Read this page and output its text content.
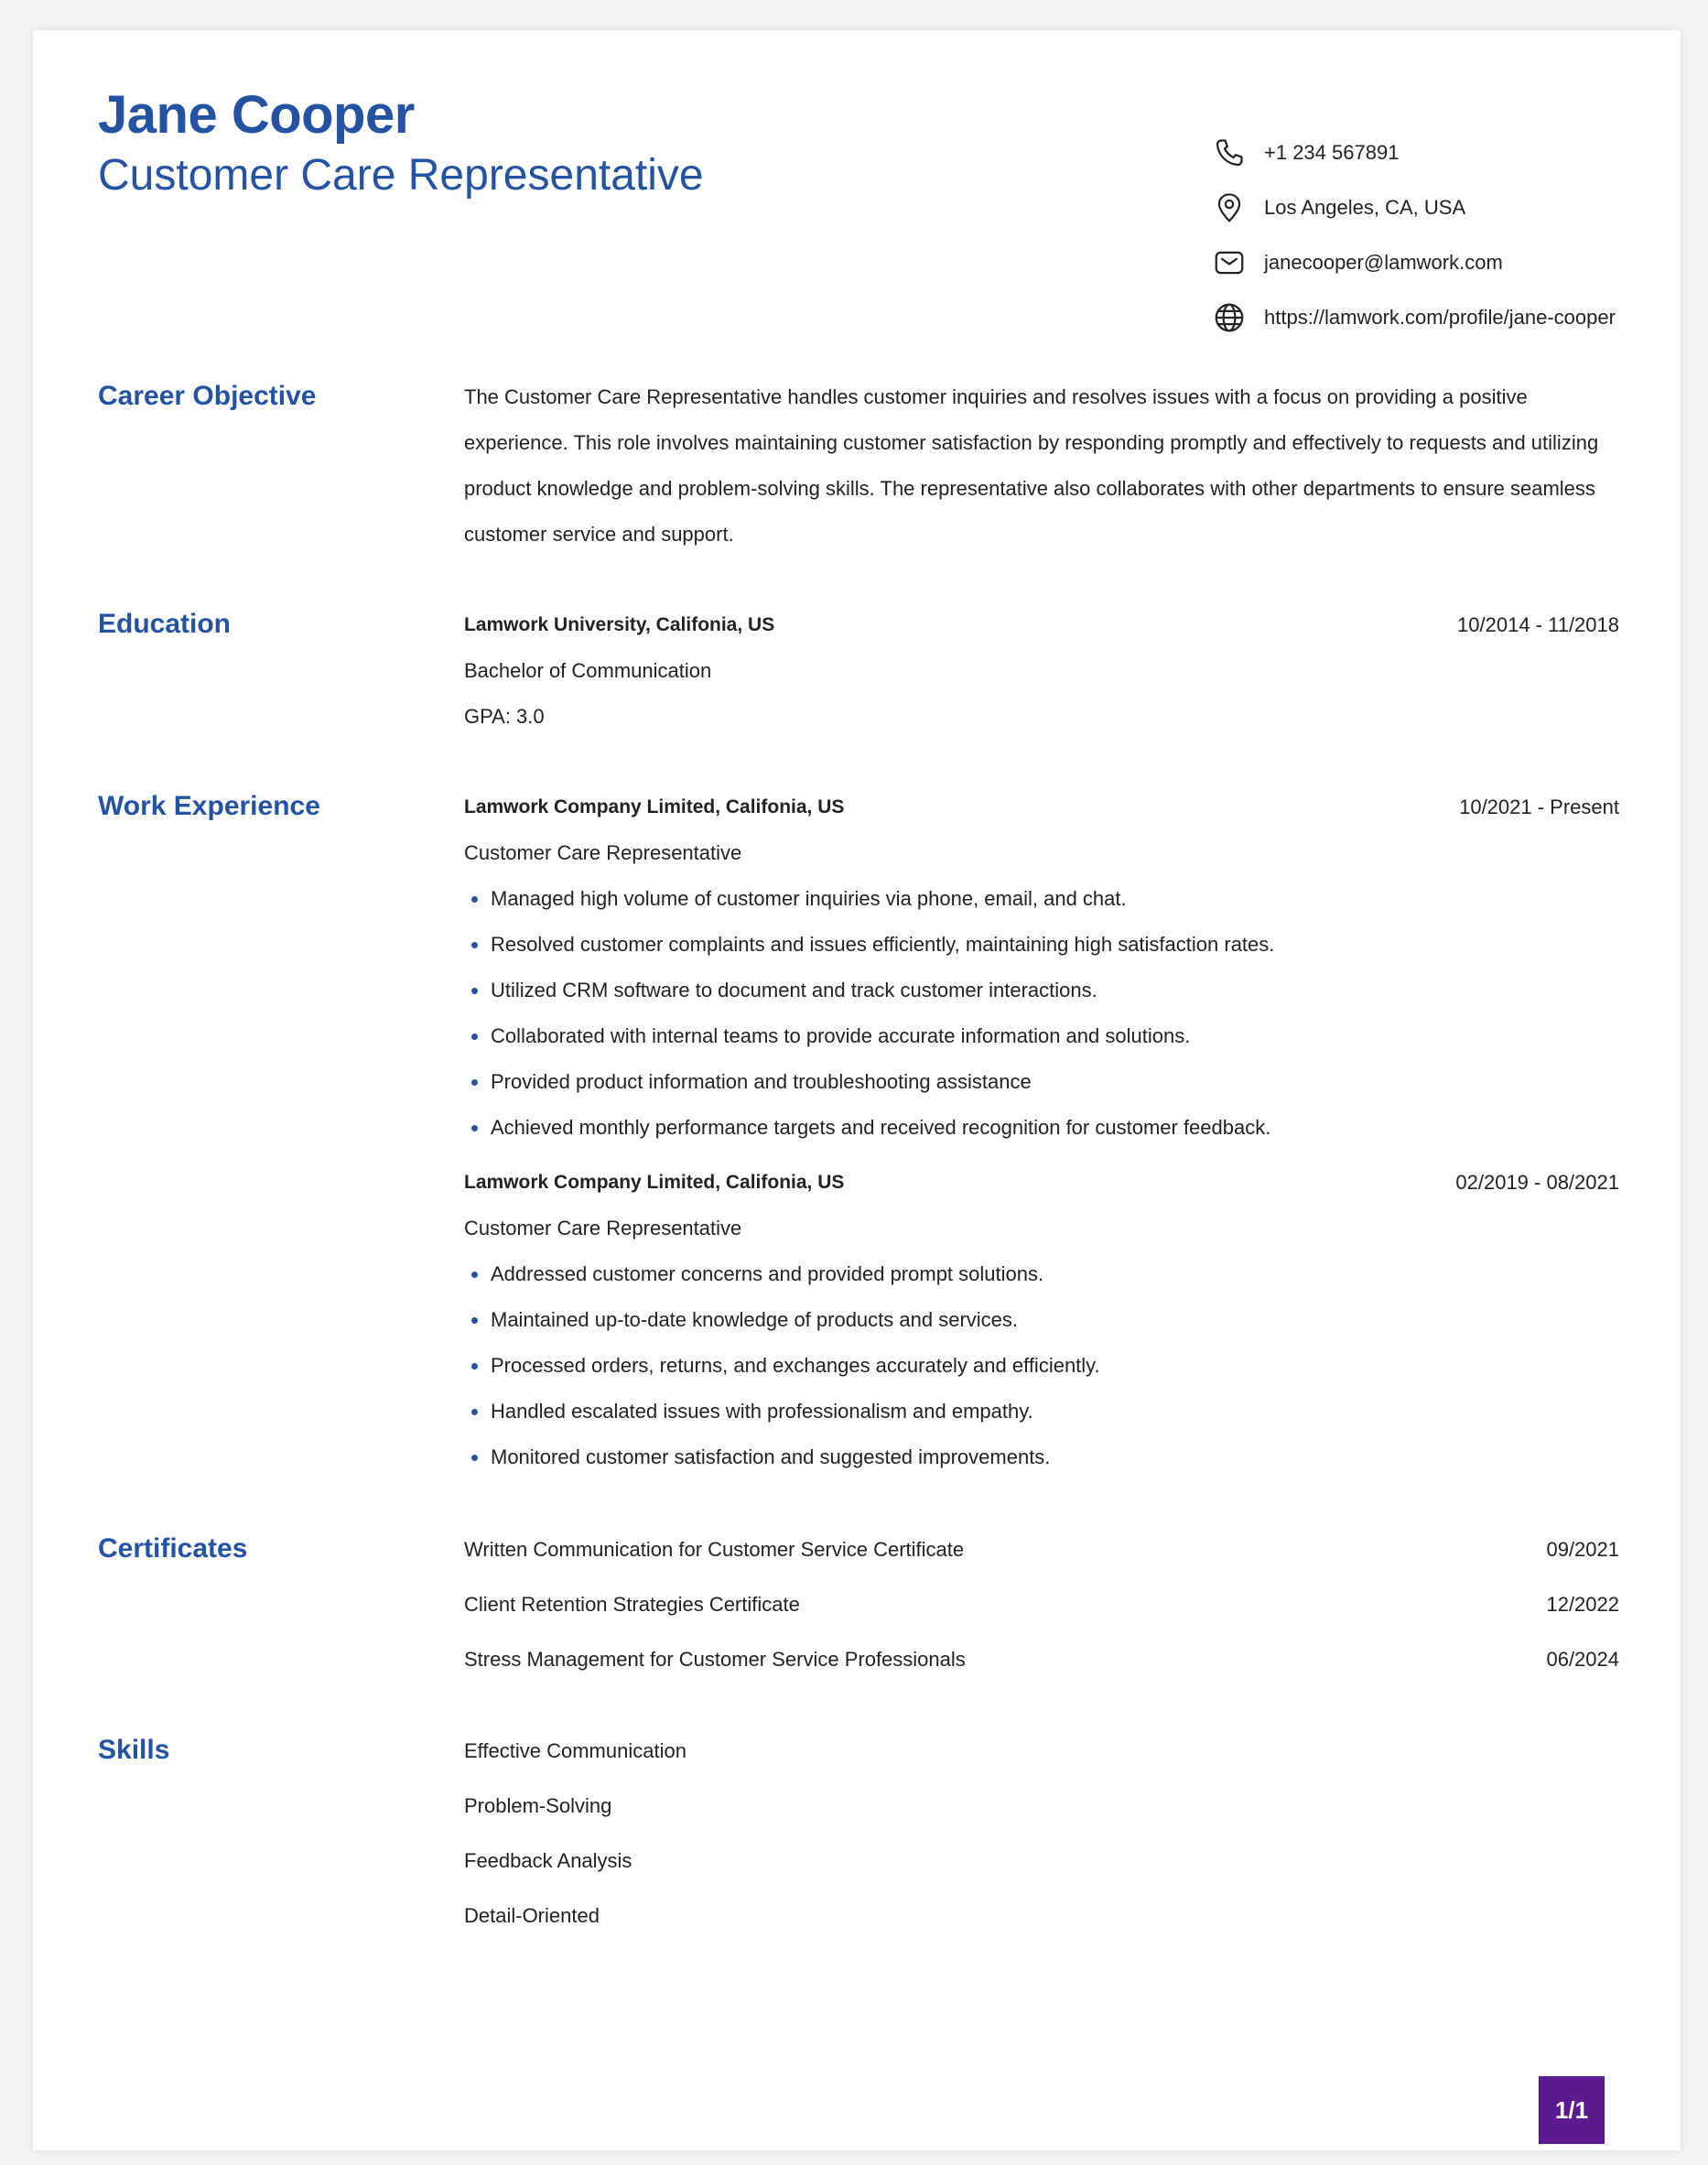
Jane Cooper
Customer Care Representative	+1 234 567891
Los Angeles, CA, USA
janecooper@lamwork.com
https://lamwork.com/profile/jane-cooper
Career Objective	The Customer Care Representative handles customer inquiries and resolves issues with a focus on providing a positive experience. This role involves maintaining customer satisfaction by responding promptly and effectively to requests and utilizing product knowledge and problem-solving skills. The representative also collaborates with other departments to ensure seamless customer service and support.

Education	Lamwork University, Califonia, US	10/2014 - 11/2018
Bachelor of Communication
GPA: 3.0
Work Experience	Lamwork Company Limited, Califonia, US	10/2021 - Present
Customer Care Representative
Managed high volume of customer inquiries via phone, email, and chat.
Resolved customer complaints and issues efficiently, maintaining high satisfaction rates.
Utilized CRM software to document and track customer interactions.
Collaborated with internal teams to provide accurate information and solutions.
Provided product information and troubleshooting assistance
Achieved monthly performance targets and received recognition for customer feedback.
Lamwork Company Limited, Califonia, US	02/2019 - 08/2021
Customer Care Representative
Addressed customer concerns and provided prompt solutions.
Maintained up-to-date knowledge of products and services.
Processed orders, returns, and exchanges accurately and efficiently.
Handled escalated issues with professionalism and empathy.
Monitored customer satisfaction and suggested improvements.
Certificates	Written Communication for Customer Service Certificate	09/2021
Client Retention Strategies Certificate	12/2022
Stress Management for Customer Service Professionals	06/2024
Skills	Effective Communication
Problem-Solving
Feedback Analysis
Detail-Oriented
1/1
